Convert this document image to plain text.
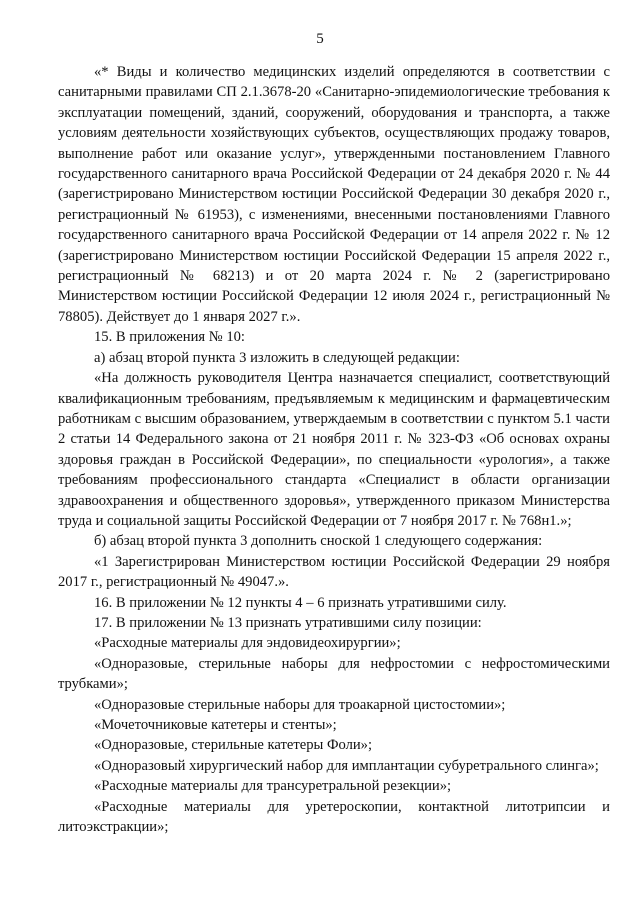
5

«* Виды и количество медицинских изделий определяются в соответствии с санитарными правилами СП 2.1.3678-20 «Санитарно-эпидемиологические требования к эксплуатации помещений, зданий, сооружений, оборудования и транспорта, а также условиям деятельности хозяйствующих субъектов, осуществляющих продажу товаров, выполнение работ или оказание услуг», утвержденными постановлением Главного государственного санитарного врача Российской Федерации от 24 декабря 2020 г. № 44 (зарегистрировано Министерством юстиции Российской Федерации 30 декабря 2020 г., регистрационный № 61953), с изменениями, внесенными постановлениями Главного государственного санитарного врача Российской Федерации от 14 апреля 2022 г. № 12 (зарегистрировано Министерством юстиции Российской Федерации 15 апреля 2022 г., регистрационный № 68213) и от 20 марта 2024 г. № 2 (зарегистрировано Министерством юстиции Российской Федерации 12 июля 2024 г., регистрационный № 78805). Действует до 1 января 2027 г.».

15. В приложения № 10:

а) абзац второй пункта 3 изложить в следующей редакции:

«На должность руководителя Центра назначается специалист, соответствующий квалификационным требованиям, предъявляемым к медицинским и фармацевтическим работникам с высшим образованием, утверждаемым в соответствии с пунктом 5.1 части 2 статьи 14 Федерального закона от 21 ноября 2011 г. № 323-ФЗ «Об основах охраны здоровья граждан в Российской Федерации», по специальности «урология», а также требованиям профессионального стандарта «Специалист в области организации здравоохранения и общественного здоровья», утвержденного приказом Министерства труда и социальной защиты Российской Федерации от 7 ноября 2017 г. № 768н1.»;

б) абзац второй пункта 3 дополнить сноской 1 следующего содержания:

«1 Зарегистрирован Министерством юстиции Российской Федерации 29 ноября 2017 г., регистрационный № 49047.».

16. В приложении № 12 пункты 4 – 6 признать утратившими силу.

17. В приложении № 13 признать утратившими силу позиции:

«Расходные материалы для эндовидеохирургии»;

«Одноразовые, стерильные наборы для нефростомии с нефростомическими трубками»;

«Одноразовые стерильные наборы для троакарной цистостомии»;

«Мочеточниковые катетеры и стенты»;

«Одноразовые, стерильные катетеры Фоли»;

«Одноразовый хирургический набор для имплантации субуретрального слинга»;

«Расходные материалы для трансуретральной резекции»;

«Расходные материалы для уретероскопии, контактной литотрипсии и литоэкстракции»;
